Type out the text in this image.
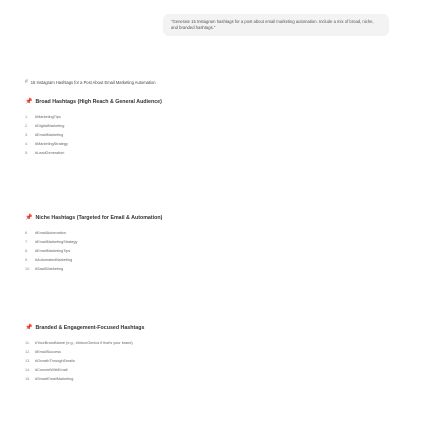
"Generate 15 Instagram hashtags for a post about email marketing automation. Include a mix of broad, niche, and branded hashtags."
# 15 Instagram Hashtags for a Post About Email Marketing Automation
📌 Broad Hashtags (High Reach & General Audience)
1.	#MarketingTips
2.	#DigitalMarketing
3.	#EmailMarketing
4.	#MarketingStrategy
5.	#LeadGeneration
📌 Niche Hashtags (Targeted for Email & Automation)
6.	#EmailAutomation
7.	#EmailMarketingStrategy
8.	#EmailMarketingTips
9.	#AutomatedMarketing
10.	#SaaSMarketing
📌 Branded & Engagement-Focused Hashtags
11.	#YourBrandName (e.g., #InboxGenius if that's your brand)
12.	#EmailSuccess
13.	#GrowthThroughEmails
14.	#ConvertWithEmail
15.	#SmartEmailMarketing
